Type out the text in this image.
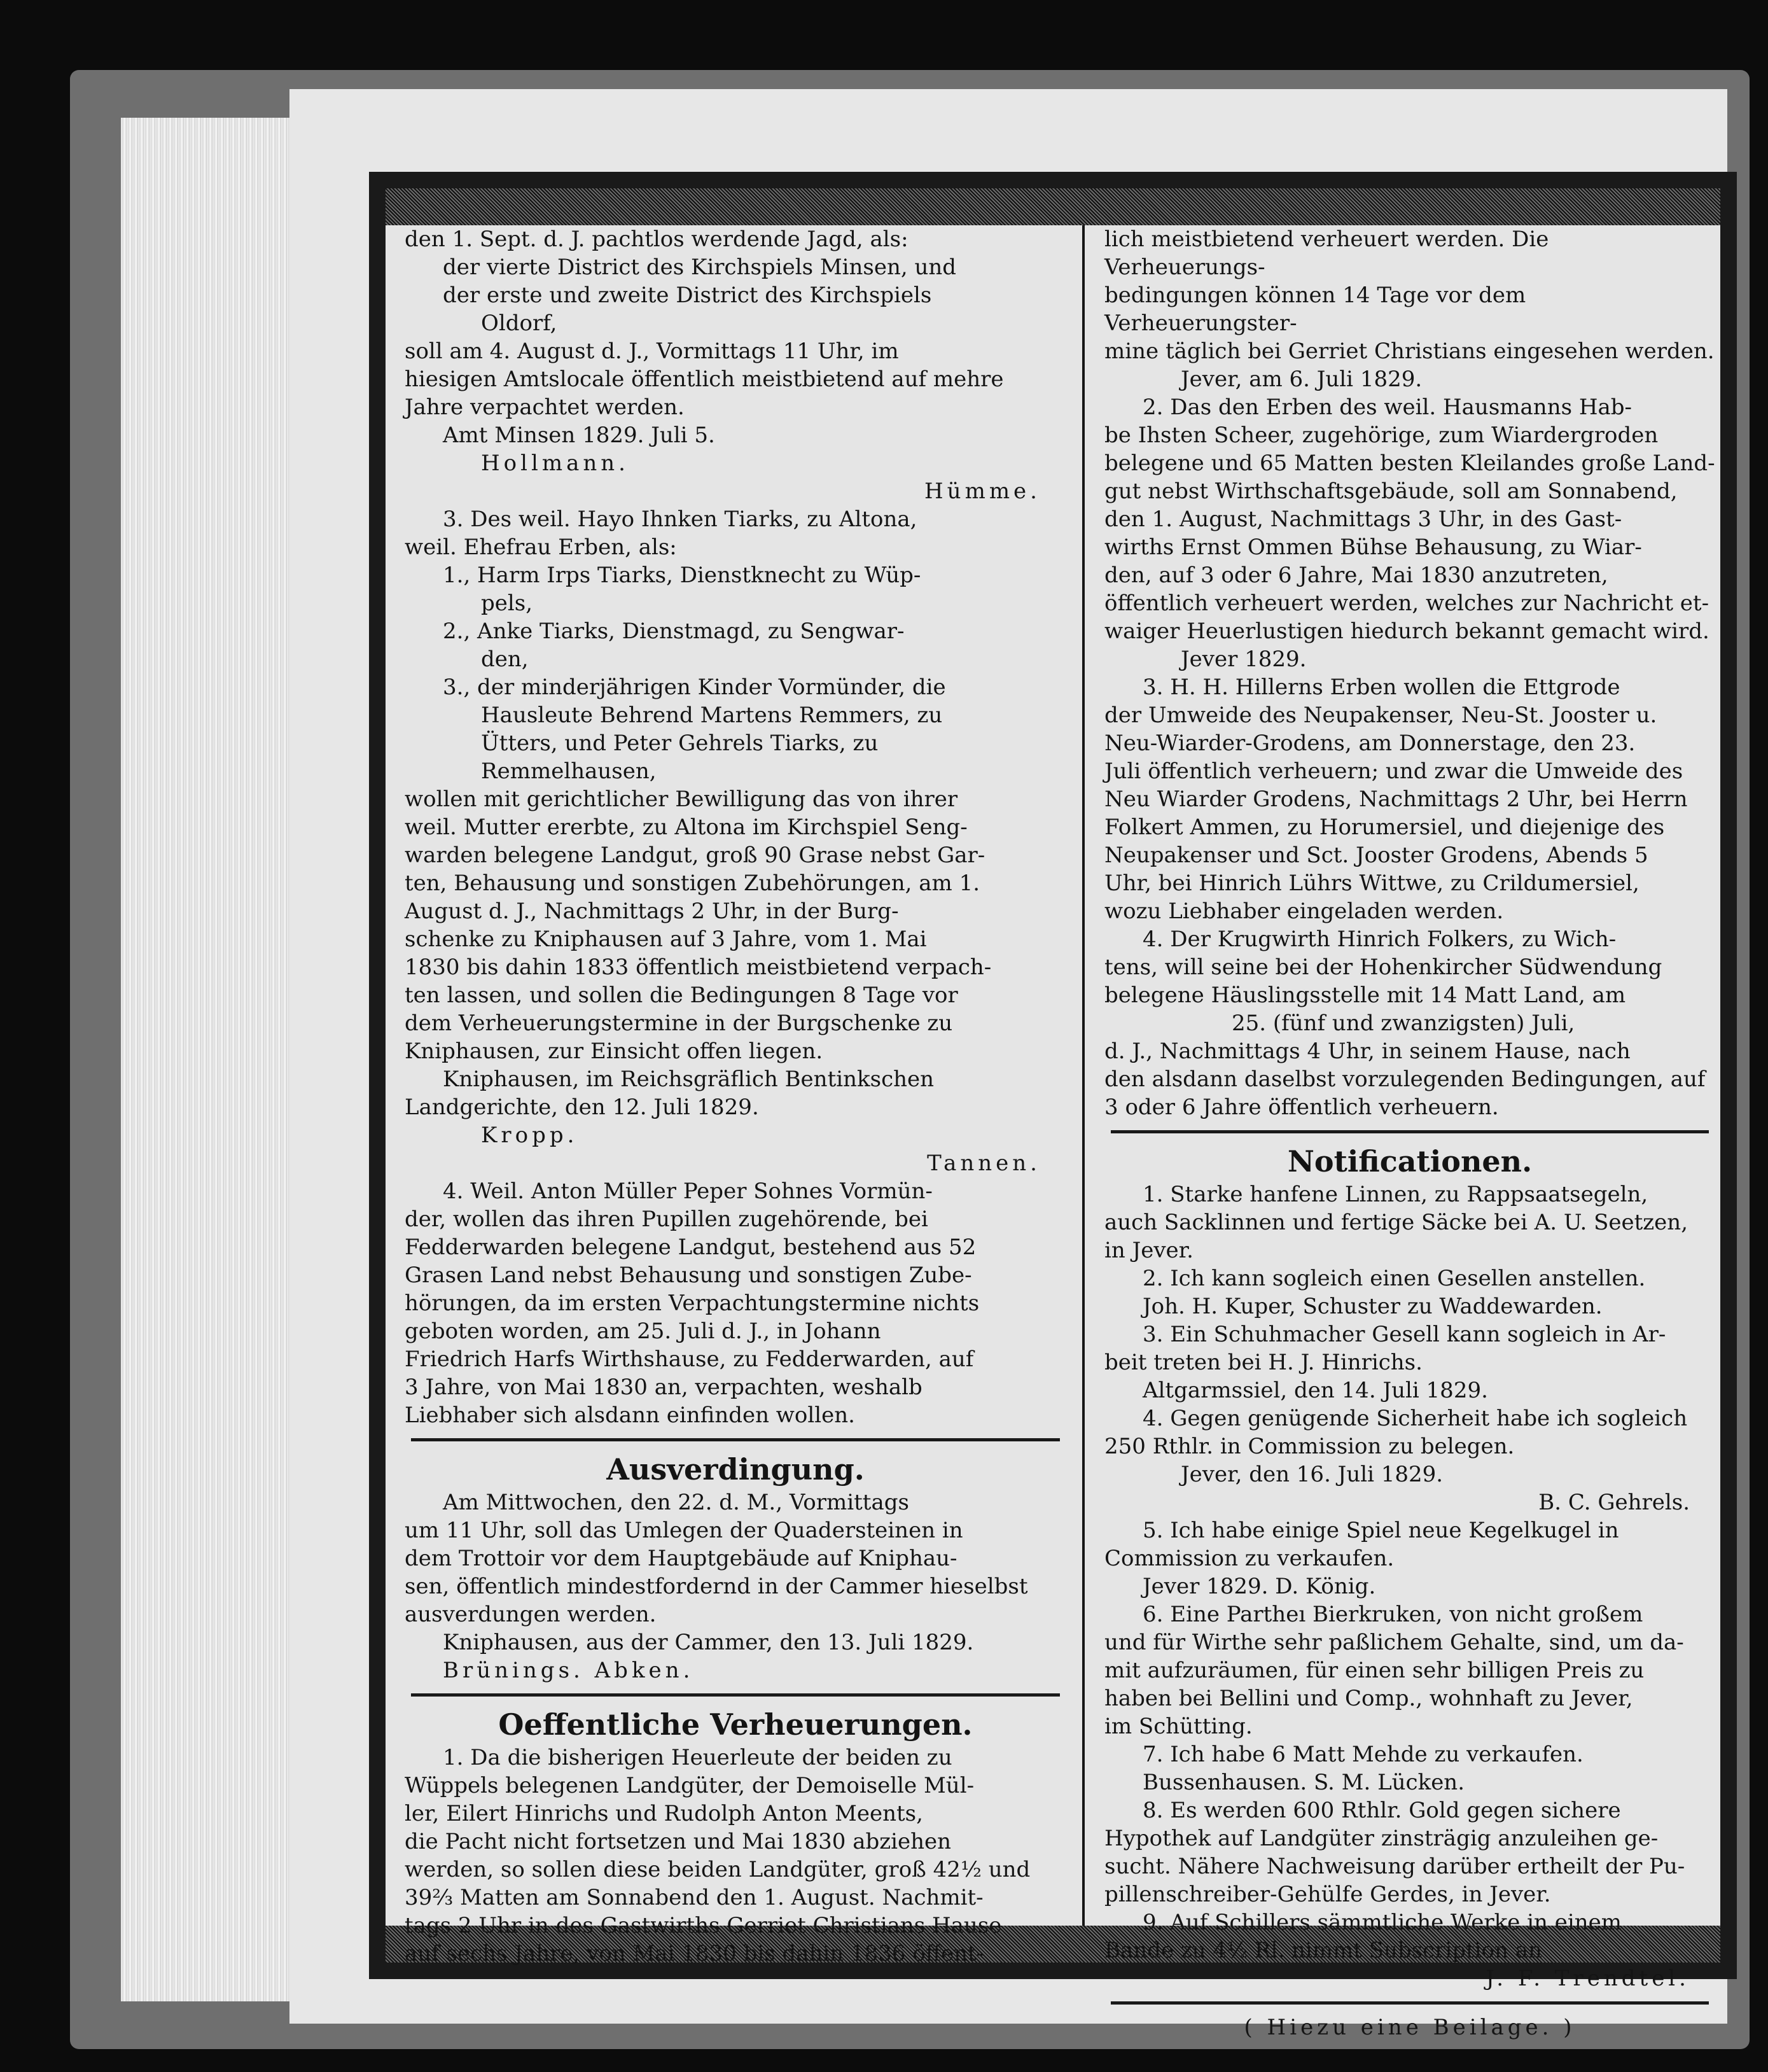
den 1. Sept. d. J. pachtlos werdende Jagd, als:

der vierte District des Kirchspiels Minsen, und

der erste und zweite District des Kirchspiels

Oldorf,

soll am 4. August d. J., Vormittags 11 Uhr, im

hiesigen Amtslocale öffentlich meistbietend auf mehre

Jahre verpachtet werden.

Amt Minsen 1829. Juli 5.

Hollmann.

Hümme.

3. Des weil. Hayo Ihnken Tiarks, zu Altona,

weil. Ehefrau Erben, als:

1., Harm Irps Tiarks, Dienstknecht zu Wüp-

pels,

2., Anke Tiarks, Dienstmagd, zu Sengwar-

den,

3., der minderjährigen Kinder Vormünder, die

Hausleute Behrend Martens Remmers, zu

Ütters, und Peter Gehrels Tiarks, zu

Remmelhausen,

wollen mit gerichtlicher Bewilligung das von ihrer

weil. Mutter ererbte, zu Altona im Kirchspiel Seng-

warden belegene Landgut, groß 90 Grase nebst Gar-

ten, Behausung und sonstigen Zubehörungen, am 1.

August d. J., Nachmittags 2 Uhr, in der Burg-

schenke zu Kniphausen auf 3 Jahre, vom 1. Mai

1830 bis dahin 1833 öffentlich meistbietend verpach-

ten lassen, und sollen die Bedingungen 8 Tage vor

dem Verheuerungstermine in der Burgschenke zu

Kniphausen, zur Einsicht offen liegen.

Kniphausen, im Reichsgräflich Bentinkschen

Landgerichte, den 12. Juli 1829.

Kropp.

Tannen.

4. Weil. Anton Müller Peper Sohnes Vormün-

der, wollen das ihren Pupillen zugehörende, bei

Fedderwarden belegene Landgut, bestehend aus 52

Grasen Land nebst Behausung und sonstigen Zube-

hörungen, da im ersten Verpachtungstermine nichts

geboten worden, am 25. Juli d. J., in Johann

Friedrich Harfs Wirthshause, zu Fedderwarden, auf

3 Jahre, von Mai 1830 an, verpachten, weshalb

Liebhaber sich alsdann einfinden wollen.

Ausverdingung.

Am Mittwochen, den 22. d. M., Vormittags

um 11 Uhr, soll das Umlegen der Quadersteinen in

dem Trottoir vor dem Hauptgebäude auf Kniphau-

sen, öffentlich mindestfordernd in der Cammer hieselbst

ausverdungen werden.

Kniphausen, aus der Cammer, den 13. Juli 1829.

Brünings. Abken.

Oeffentliche Verheuerungen.

1. Da die bisherigen Heuerleute der beiden zu

Wüppels belegenen Landgüter, der Demoiselle Mül-

ler, Eilert Hinrichs und Rudolph Anton Meents,

die Pacht nicht fortsetzen und Mai 1830 abziehen

werden, so sollen diese beiden Landgüter, groß 42½ und

39⅔ Matten am Sonnabend den 1. August. Nachmit-

tags 2 Uhr in des Gastwirths Gerriet Christians Hause

auf sechs Jahre, von Mai 1830 bis dahin 1836 öffent-

lich meistbietend verheuert werden. Die Verheuerungs-

bedingungen können 14 Tage vor dem Verheuerungster-

mine täglich bei Gerriet Christians eingesehen werden.

Jever, am 6. Juli 1829.

2. Das den Erben des weil. Hausmanns Hab-

be Ihsten Scheer, zugehörige, zum Wiardergroden

belegene und 65 Matten besten Kleilandes große Land-

gut nebst Wirthschaftsgebäude, soll am Sonnabend,

den 1. August, Nachmittags 3 Uhr, in des Gast-

wirths Ernst Ommen Bühse Behausung, zu Wiar-

den, auf 3 oder 6 Jahre, Mai 1830 anzutreten,

öffentlich verheuert werden, welches zur Nachricht et-

waiger Heuerlustigen hiedurch bekannt gemacht wird.

Jever 1829.

3. H. H. Hillerns Erben wollen die Ettgrode

der Umweide des Neupakenser, Neu-St. Jooster u.

Neu-Wiarder-Grodens, am Donnerstage, den 23.

Juli öffentlich verheuern; und zwar die Umweide des

Neu Wiarder Grodens, Nachmittags 2 Uhr, bei Herrn

Folkert Ammen, zu Horumersiel, und diejenige des

Neupakenser und Sct. Jooster Grodens, Abends 5

Uhr, bei Hinrich Lührs Wittwe, zu Crildumersiel,

wozu Liebhaber eingeladen werden.

4. Der Krugwirth Hinrich Folkers, zu Wich-

tens, will seine bei der Hohenkircher Südwendung

belegene Häuslingsstelle mit 14 Matt Land, am

25. (fünf und zwanzigsten) Juli,

d. J., Nachmittags 4 Uhr, in seinem Hause, nach

den alsdann daselbst vorzulegenden Bedingungen, auf

3 oder 6 Jahre öffentlich verheuern.

Notificationen.

1. Starke hanfene Linnen, zu Rappsaatsegeln,

auch Sacklinnen und fertige Säcke bei A. U. Seetzen,

in Jever.

2. Ich kann sogleich einen Gesellen anstellen.

Joh. H. Kuper, Schuster zu Waddewarden.

3. Ein Schuhmacher Gesell kann sogleich in Ar-

beit treten bei H. J. Hinrichs.

Altgarmssiel, den 14. Juli 1829.

4. Gegen genügende Sicherheit habe ich sogleich

250 Rthlr. in Commission zu belegen.

Jever, den 16. Juli 1829.

B. C. Gehrels.

5. Ich habe einige Spiel neue Kegelkugel in

Commission zu verkaufen.

Jever 1829. D. König.

6. Eine Partheı Bierkruken, von nicht großem

und für Wirthe sehr paßlichem Gehalte, sind, um da-

mit aufzuräumen, für einen sehr billigen Preis zu

haben bei Bellini und Comp., wohnhaft zu Jever,

im Schütting.

7. Ich habe 6 Matt Mehde zu verkaufen.

Bussenhausen. S. M. Lücken.

8. Es werden 600 Rthlr. Gold gegen sichere

Hypothek auf Landgüter zinsträgig anzuleihen ge-

sucht. Nähere Nachweisung darüber ertheilt der Pu-

pillenschreiber-Gehülfe Gerdes, in Jever.

9. Auf Schillers sämmtliche Werke in einem

Bande zu 4½ Rl. nimmt Subscription an

J. F. Trendtel.

( Hiezu eine Beilage. )
